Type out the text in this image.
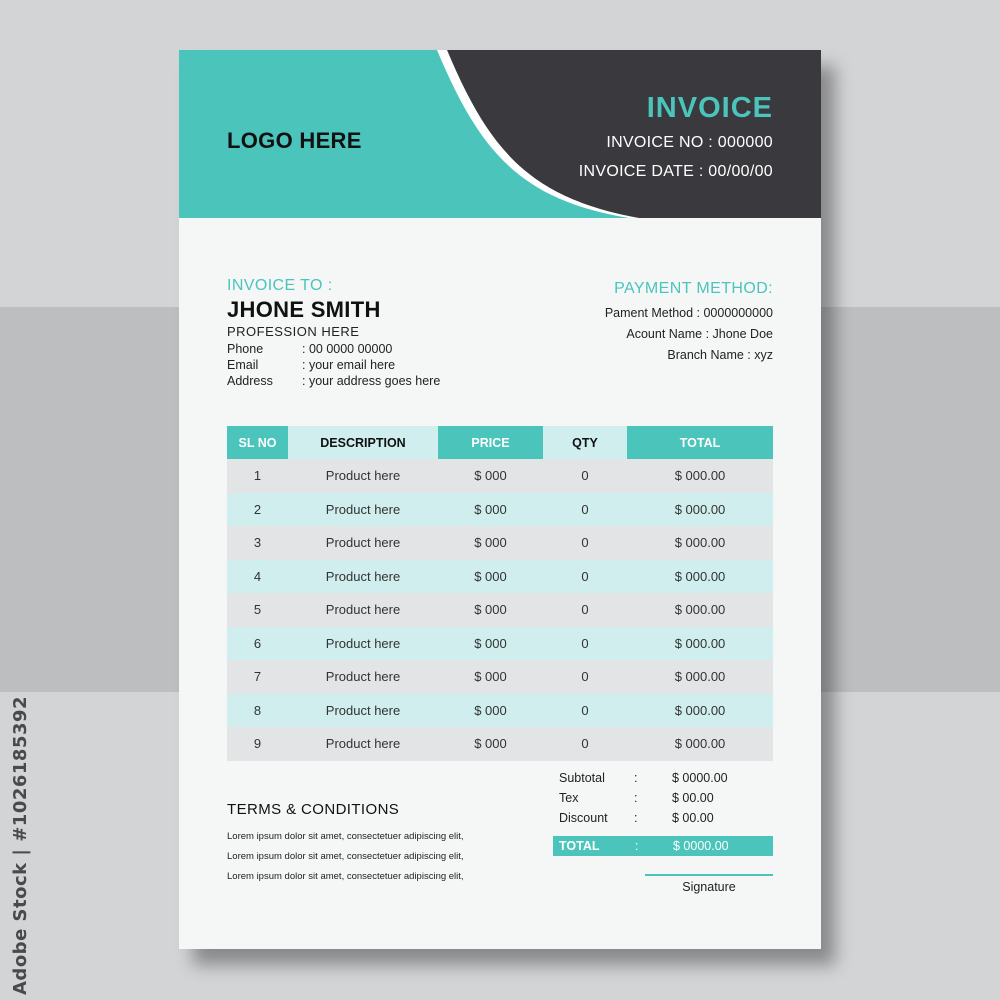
Adobe Stock | #1026185392
LOGO HERE
INVOICE
INVOICE NO : 000000
INVOICE DATE : 00/00/00
INVOICE TO :
JHONE SMITH
PROFESSION HERE
Phone	: 00 0000 00000
Email	: your email here
Address : your address goes here
PAYMENT METHOD:
Pament Method : 0000000000
Acount Name : Jhone Doe
Branch Name : xyz
SL NO	DESCRIPTION	PRICE	QTY	TOTAL
1	Product here	$ 000	0	$ 000.00
2	Product here	$ 000	0	$ 000.00
3	Product here	$ 000	0	$ 000.00
4	Product here	$ 000	0	$ 000.00
5	Product here	$ 000	0	$ 000.00
6	Product here	$ 000	0	$ 000.00
7	Product here	$ 000	0	$ 000.00
8	Product here	$ 000	0	$ 000.00
9	Product here	$ 000	0	$ 000.00
Subtotal :	$ 0000.00
Tex	:	$ 00.00
Discount :	$ 00.00
TOTAL	:	$ 0000.00
TERMS & CONDITIONS
Lorem ipsum dolor sit amet, consectetuer adipiscing elit,
Lorem ipsum dolor sit amet, consectetuer adipiscing elit,
Lorem ipsum dolor sit amet, consectetuer adipiscing elit,
Signature
